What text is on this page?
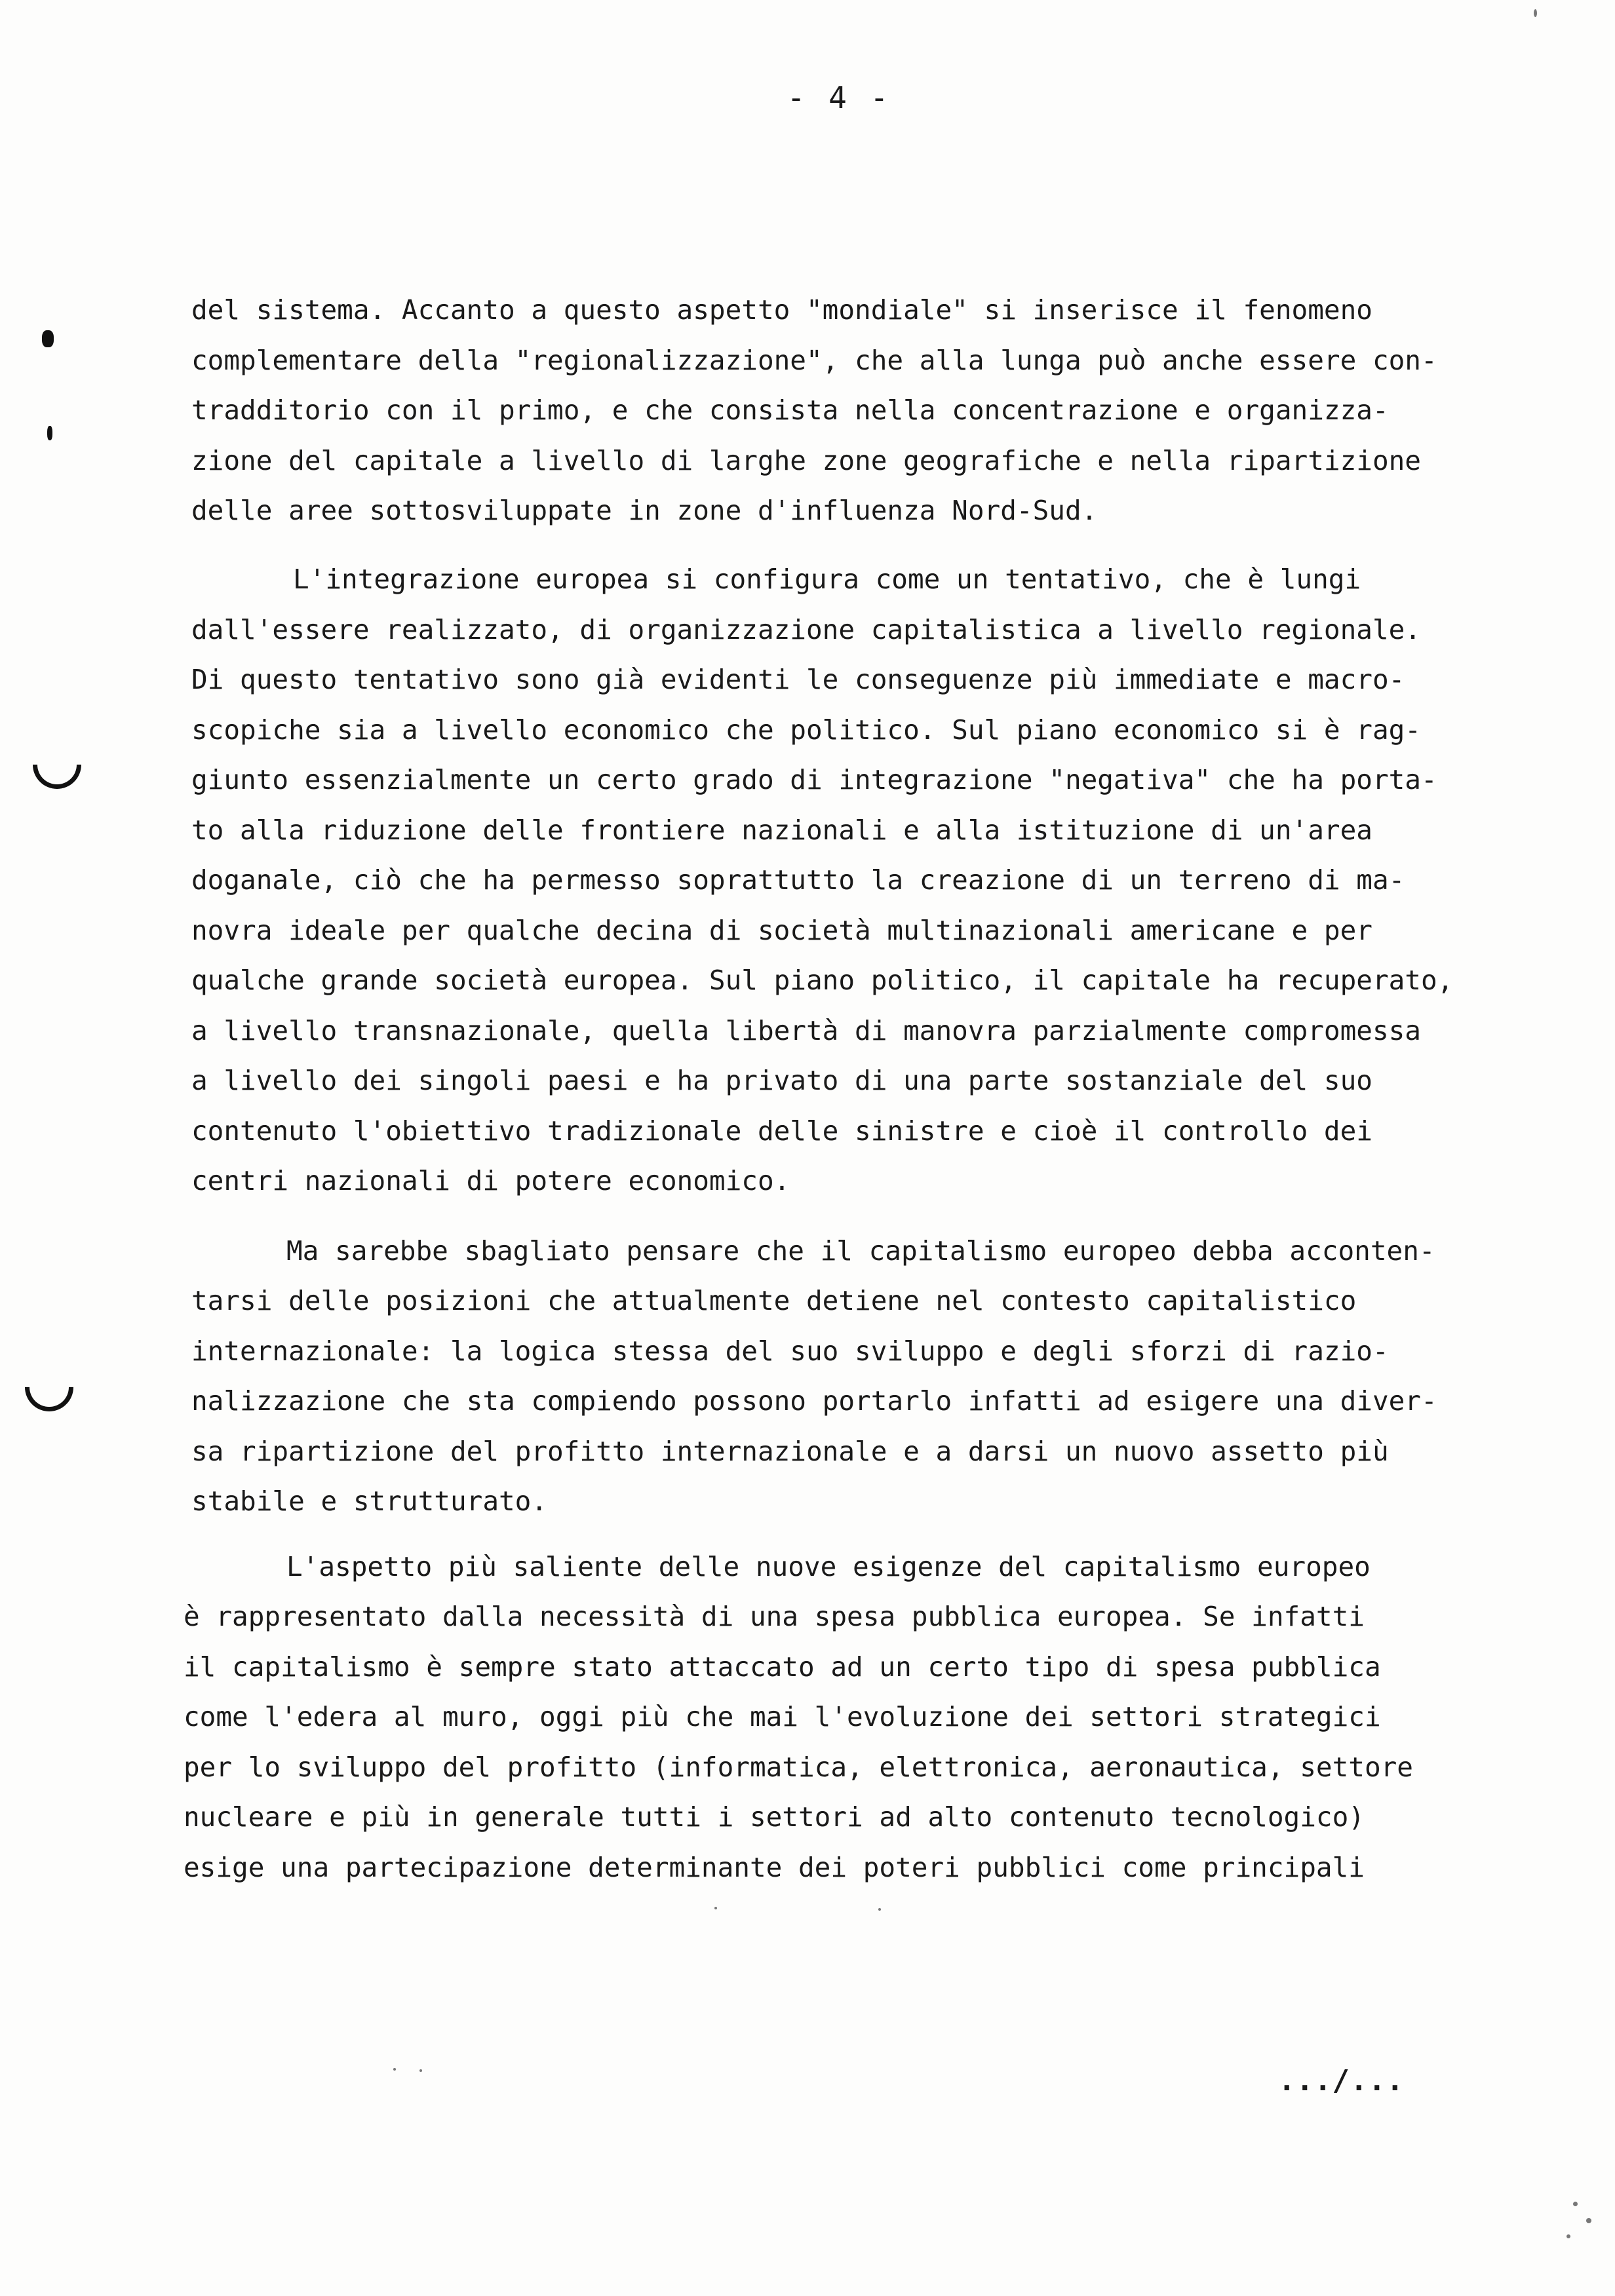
- 4 -
del sistema. Accanto a questo aspetto "mondiale" si inserisce il fenomeno
complementare della "regionalizzazione", che alla lunga può anche essere con-
tradditorio con il primo, e che consista nella concentrazione e organizza-
zione del capitale a livello di larghe zone geografiche e nella ripartizione
delle aree sottosviluppate in zone d'influenza Nord-Sud.
L'integrazione europea si configura come un tentativo, che è lungi
dall'essere realizzato, di organizzazione capitalistica a livello regionale.
Di questo tentativo sono già evidenti le conseguenze più immediate e macro-
scopiche sia a livello economico che politico. Sul piano economico si è rag-
giunto essenzialmente un certo grado di integrazione "negativa" che ha porta-
to alla riduzione delle frontiere nazionali e alla istituzione di un'area
doganale, ciò che ha permesso soprattutto la creazione di un terreno di ma-
novra ideale per qualche decina di società multinazionali americane e per
qualche grande società europea. Sul piano politico, il capitale ha recuperato,
a livello transnazionale, quella libertà di manovra parzialmente compromessa
a livello dei singoli paesi e ha privato di una parte sostanziale del suo
contenuto l'obiettivo tradizionale delle sinistre e cioè il controllo dei
centri nazionali di potere economico.
Ma sarebbe sbagliato pensare che il capitalismo europeo debba acconten-
tarsi delle posizioni che attualmente detiene nel contesto capitalistico
internazionale: la logica stessa del suo sviluppo e degli sforzi di razio-
nalizzazione che sta compiendo possono portarlo infatti ad esigere una diver-
sa ripartizione del profitto internazionale e a darsi un nuovo assetto più
stabile e strutturato.
L'aspetto più saliente delle nuove esigenze del capitalismo europeo
è rappresentato dalla necessità di una spesa pubblica europea. Se infatti
il capitalismo è sempre stato attaccato ad un certo tipo di spesa pubblica
come l'edera al muro, oggi più che mai l'evoluzione dei settori strategici
per lo sviluppo del profitto (informatica, elettronica, aeronautica, settore
nucleare e più in generale tutti i settori ad alto contenuto tecnologico)
esige una partecipazione determinante dei poteri pubblici come principali
.../...
